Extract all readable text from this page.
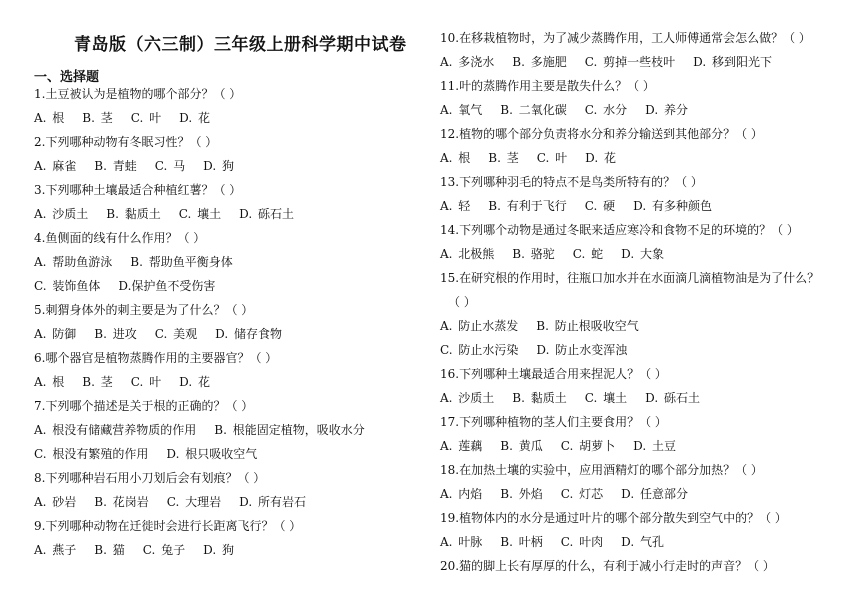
青岛版（六三制）三年级上册科学期中试卷
一、选择题
1.土豆被认为是植物的哪个部分？（ ）
A. 根 B. 茎 C. 叶 D. 花
2.下列哪种动物有冬眠习性？（ ）
A. 麻雀 B. 青蛙 C. 马 D. 狗
3.下列哪种土壤最适合种植红薯？（ ）
A. 沙质土 B. 黏质土 C. 壤土 D. 砾石土
4.鱼侧面的线有什么作用？（ ）
A. 帮助鱼游泳 B. 帮助鱼平衡身体
C. 装饰鱼体 D.保护鱼不受伤害
5.刺猬身体外的刺主要是为了什么？（ ）
A. 防御 B. 进攻 C. 美观 D. 储存食物
6.哪个器官是植物蒸腾作用的主要器官？（ ）
A. 根 B. 茎 C. 叶 D. 花
7.下列哪个描述是关于根的正确的？（ ）
A. 根没有储藏营养物质的作用 B. 根能固定植物，吸收水分
C. 根没有繁殖的作用 D. 根只吸收空气
8.下列哪种岩石用小刀划后会有划痕？（ ）
A. 砂岩 B. 花岗岩 C. 大理岩 D. 所有岩石
9.下列哪种动物在迁徙时会进行长距离飞行？（ ）
A. 燕子 B. 猫 C. 兔子 D. 狗
10.在移栽植物时，为了减少蒸腾作用，工人师傅通常会怎么做？（ ）
A. 多浇水 B. 多施肥 C. 剪掉一些枝叶 D. 移到阳光下
11.叶的蒸腾作用主要是散失什么？（ ）
A. 氧气 B. 二氧化碳 C. 水分 D. 养分
12.植物的哪个部分负责将水分和养分输送到其他部分？（ ）
A. 根 B. 茎 C. 叶 D. 花
13.下列哪种羽毛的特点不是鸟类所特有的？（ ）
A. 轻 B. 有利于飞行 C. 硬 D. 有多种颜色
14.下列哪个动物是通过冬眠来适应寒冷和食物不足的环境的？（ ）
A. 北极熊 B. 骆驼 C. 蛇 D. 大象
15.在研究根的作用时，往瓶口加水并在水面滴几滴植物油是为了什么？
（ ）
A. 防止水蒸发 B. 防止根吸收空气
C. 防止水污染 D. 防止水变浑浊
16.下列哪种土壤最适合用来捏泥人？（ ）
A. 沙质土 B. 黏质土 C. 壤土 D. 砾石土
17.下列哪种植物的茎人们主要食用？（ ）
A. 莲藕 B. 黄瓜 C. 胡萝卜 D. 土豆
18.在加热土壤的实验中，应用酒精灯的哪个部分加热？（ ）
A. 内焰 B. 外焰 C. 灯芯 D. 任意部分
19.植物体内的水分是通过叶片的哪个部分散失到空气中的？（ ）
A. 叶脉 B. 叶柄 C. 叶肉 D. 气孔
20.猫的脚上长有厚厚的什么，有利于减小行走时的声音？（ ）
